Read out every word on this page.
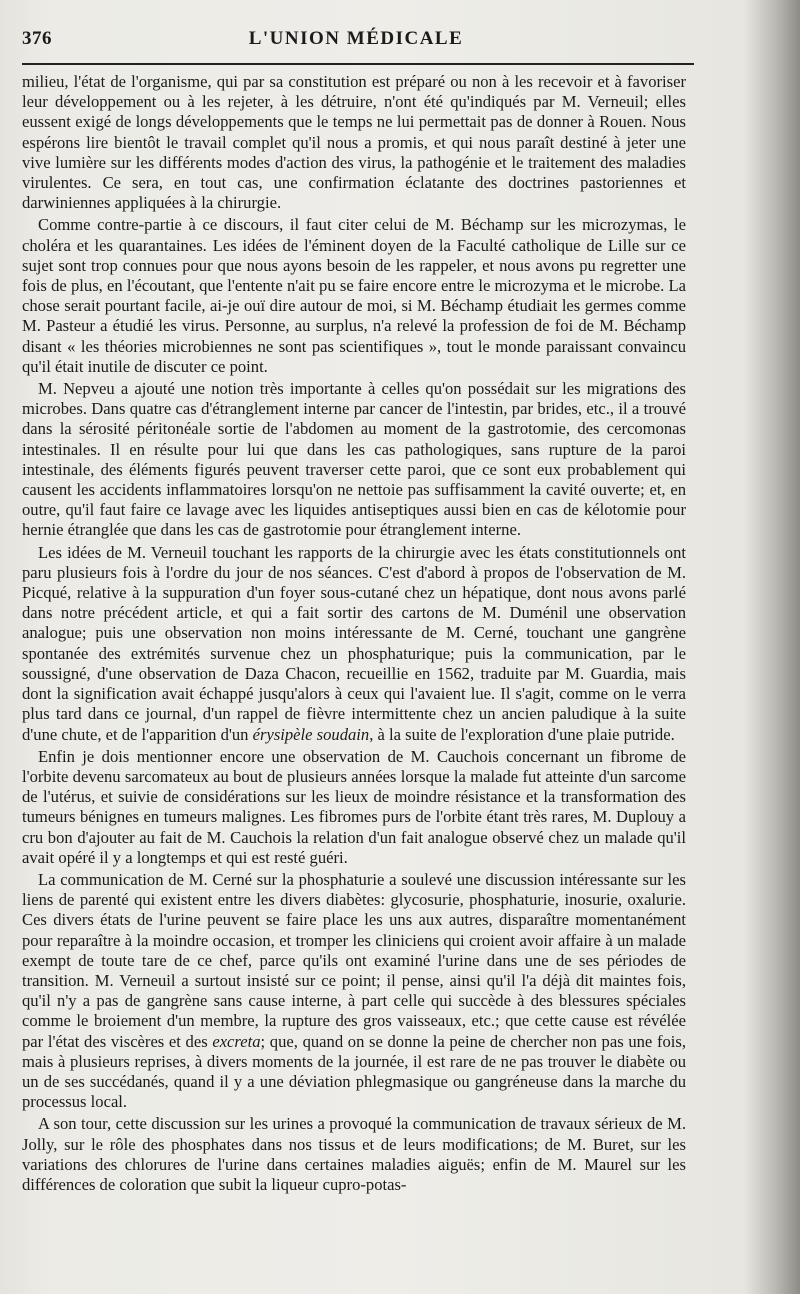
376	L'UNION MÉDICALE

milieu, l'état de l'organisme, qui par sa constitution est préparé ou non à les recevoir et à favoriser leur développement ou à les rejeter, à les détruire, n'ont été qu'indiqués par M. Verneuil; elles eussent exigé de longs développements que le temps ne lui permettait pas de donner à Rouen. Nous espérons lire bientôt le travail complet qu'il nous a promis, et qui nous paraît destiné à jeter une vive lumière sur les différents modes d'action des virus, la pathogénie et le traitement des maladies virulentes. Ce sera, en tout cas, une confirmation éclatante des doctrines pastoriennes et darwiniennes appliquées à la chirurgie.

Comme contre-partie à ce discours, il faut citer celui de M. Béchamp sur les microzymas, le choléra et les quarantaines. Les idées de l'éminent doyen de la Faculté catholique de Lille sur ce sujet sont trop connues pour que nous ayons besoin de les rappeler, et nous avons pu regretter une fois de plus, en l'écoutant, que l'entente n'ait pu se faire encore entre le microzyma et le microbe. La chose serait pourtant facile, ai-je ouï dire autour de moi, si M. Béchamp étudiait les germes comme M. Pasteur a étudié les virus. Personne, au surplus, n'a relevé la profession de foi de M. Béchamp disant « les théories microbiennes ne sont pas scientifiques », tout le monde paraissant convaincu qu'il était inutile de discuter ce point.

M. Nepveu a ajouté une notion très importante à celles qu'on possédait sur les migrations des microbes. Dans quatre cas d'étranglement interne par cancer de l'intestin, par brides, etc., il a trouvé dans la sérosité péritonéale sortie de l'abdomen au moment de la gastrotomie, des cercomonas intestinales. Il en résulte pour lui que dans les cas pathologiques, sans rupture de la paroi intestinale, des éléments figurés peuvent traverser cette paroi, que ce sont eux probablement qui causent les accidents inflammatoires lorsqu'on ne nettoie pas suffisamment la cavité ouverte; et, en outre, qu'il faut faire ce lavage avec les liquides antiseptiques aussi bien en cas de kélotomie pour hernie étranglée que dans les cas de gastrotomie pour étranglement interne.

Les idées de M. Verneuil touchant les rapports de la chirurgie avec les états constitutionnels ont paru plusieurs fois à l'ordre du jour de nos séances. C'est d'abord à propos de l'observation de M. Picqué, relative à la suppuration d'un foyer sous-cutané chez un hépatique, dont nous avons parlé dans notre précédent article, et qui a fait sortir des cartons de M. Duménil une observation analogue; puis une observation non moins intéressante de M. Cerné, touchant une gangrène spontanée des extrémités survenue chez un phosphaturique; puis la communication, par le soussigné, d'une observation de Daza Chacon, recueillie en 1562, traduite par M. Guardia, mais dont la signification avait échappé jusqu'alors à ceux qui l'avaient lue. Il s'agit, comme on le verra plus tard dans ce journal, d'un rappel de fièvre intermittente chez un ancien paludique à la suite d'une chute, et de l'apparition d'un érysipèle soudain, à la suite de l'exploration d'une plaie putride.

Enfin je dois mentionner encore une observation de M. Cauchois concernant un fibrome de l'orbite devenu sarcomateux au bout de plusieurs années lorsque la malade fut atteinte d'un sarcome de l'utérus, et suivie de considérations sur les lieux de moindre résistance et la transformation des tumeurs bénignes en tumeurs malignes. Les fibromes purs de l'orbite étant très rares, M. Duplouy a cru bon d'ajouter au fait de M. Cauchois la relation d'un fait analogue observé chez un malade qu'il avait opéré il y a longtemps et qui est resté guéri.

La communication de M. Cerné sur la phosphaturie a soulevé une discussion intéressante sur les liens de parenté qui existent entre les divers diabètes: glycosurie, phosphaturie, inosurie, oxalurie. Ces divers états de l'urine peuvent se faire place les uns aux autres, disparaître momentanément pour reparaître à la moindre occasion, et tromper les cliniciens qui croient avoir affaire à un malade exempt de toute tare de ce chef, parce qu'ils ont examiné l'urine dans une de ses périodes de transition. M. Verneuil a surtout insisté sur ce point; il pense, ainsi qu'il l'a déjà dit maintes fois, qu'il n'y a pas de gangrène sans cause interne, à part celle qui succède à des blessures spéciales comme le broiement d'un membre, la rupture des gros vaisseaux, etc.; que cette cause est révélée par l'état des viscères et des excreta; que, quand on se donne la peine de chercher non pas une fois, mais à plusieurs reprises, à divers moments de la journée, il est rare de ne pas trouver le diabète ou un de ses succédanés, quand il y a une déviation phlegmasique ou gangréneuse dans la marche du processus local.

A son tour, cette discussion sur les urines a provoqué la communication de travaux sérieux de M. Jolly, sur le rôle des phosphates dans nos tissus et de leurs modifications; de M. Buret, sur les variations des chlorures de l'urine dans certaines maladies aiguës; enfin de M. Maurel sur les différences de coloration que subit la liqueur cupro-potas-
